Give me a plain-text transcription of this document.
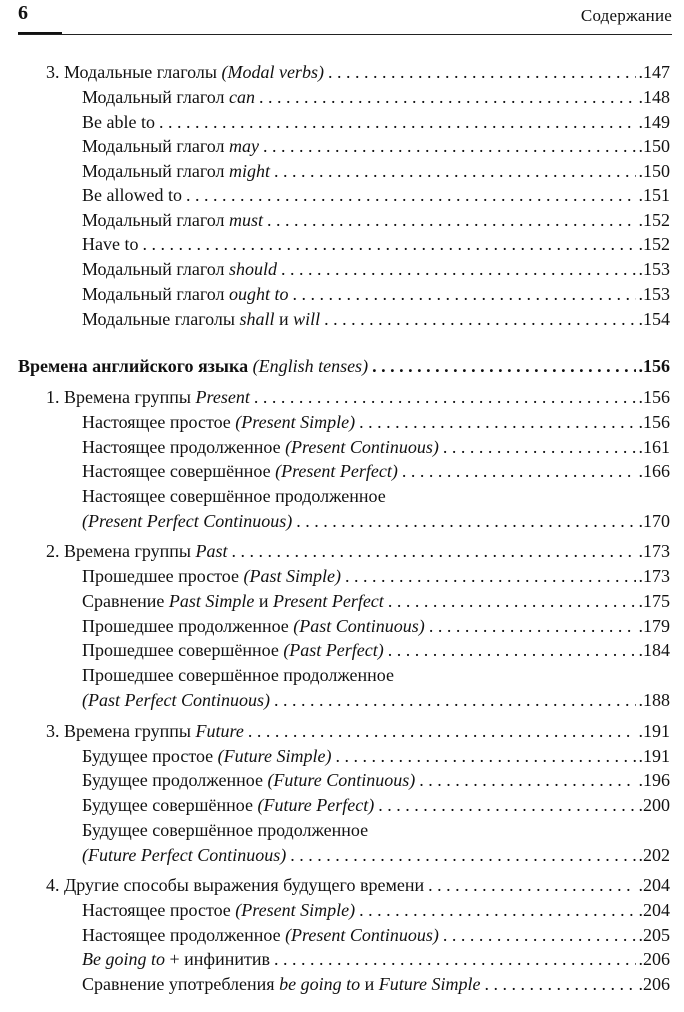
6	Содержание
3. Модальные глаголы (Modal verbs) . . .	.147
Модальный глагол can . . .	.148
Be able to . . .	.149
Модальный глагол may . . .	.150
Модальный глагол might . . .	.150
Be allowed to . . .	.151
Модальный глагол must . . .	.152
Have to . . .	.152
Модальный глагол should . . .	.153
Модальный глагол ought to . . .	.153
Модальные глаголы shall и will . . .	.154
Времена английского языка (English tenses) . . .	.156
1. Времена группы Present . . .	.156
Настоящее простое (Present Simple) . . .	.156
Настоящее продолженное (Present Continuous) . . .	.161
Настоящее совершённое (Present Perfect) . . .	.166
Настоящее совершённое продолженное
(Present Perfect Continuous) . . .	.170
2. Времена группы Past . . .	.173
Прошедшее простое (Past Simple) . . .	.173
Сравнение Past Simple и Present Perfect . . .	.175
Прошедшее продолженное (Past Continuous) . . .	.179
Прошедшее совершённое (Past Perfect) . . .	.184
Прошедшее совершённое продолженное
(Past Perfect Continuous) . . .	.188
3. Времена группы Future . . .	.191
Будущее простое (Future Simple) . . .	.191
Будущее продолженное (Future Continuous) . . .	.196
Будущее совершённое (Future Perfect) . . .	.200
Будущее совершённое продолженное
(Future Perfect Continuous) . . .	.202
4. Другие способы выражения будущего времени . . .	.204
Настоящее простое (Present Simple) . . .	.204
Настоящее продолженное (Present Continuous) . . .	.205
Be going to + инфинитив . . .	.206
Сравнение употребления be going to и Future Simple . . .	.206
